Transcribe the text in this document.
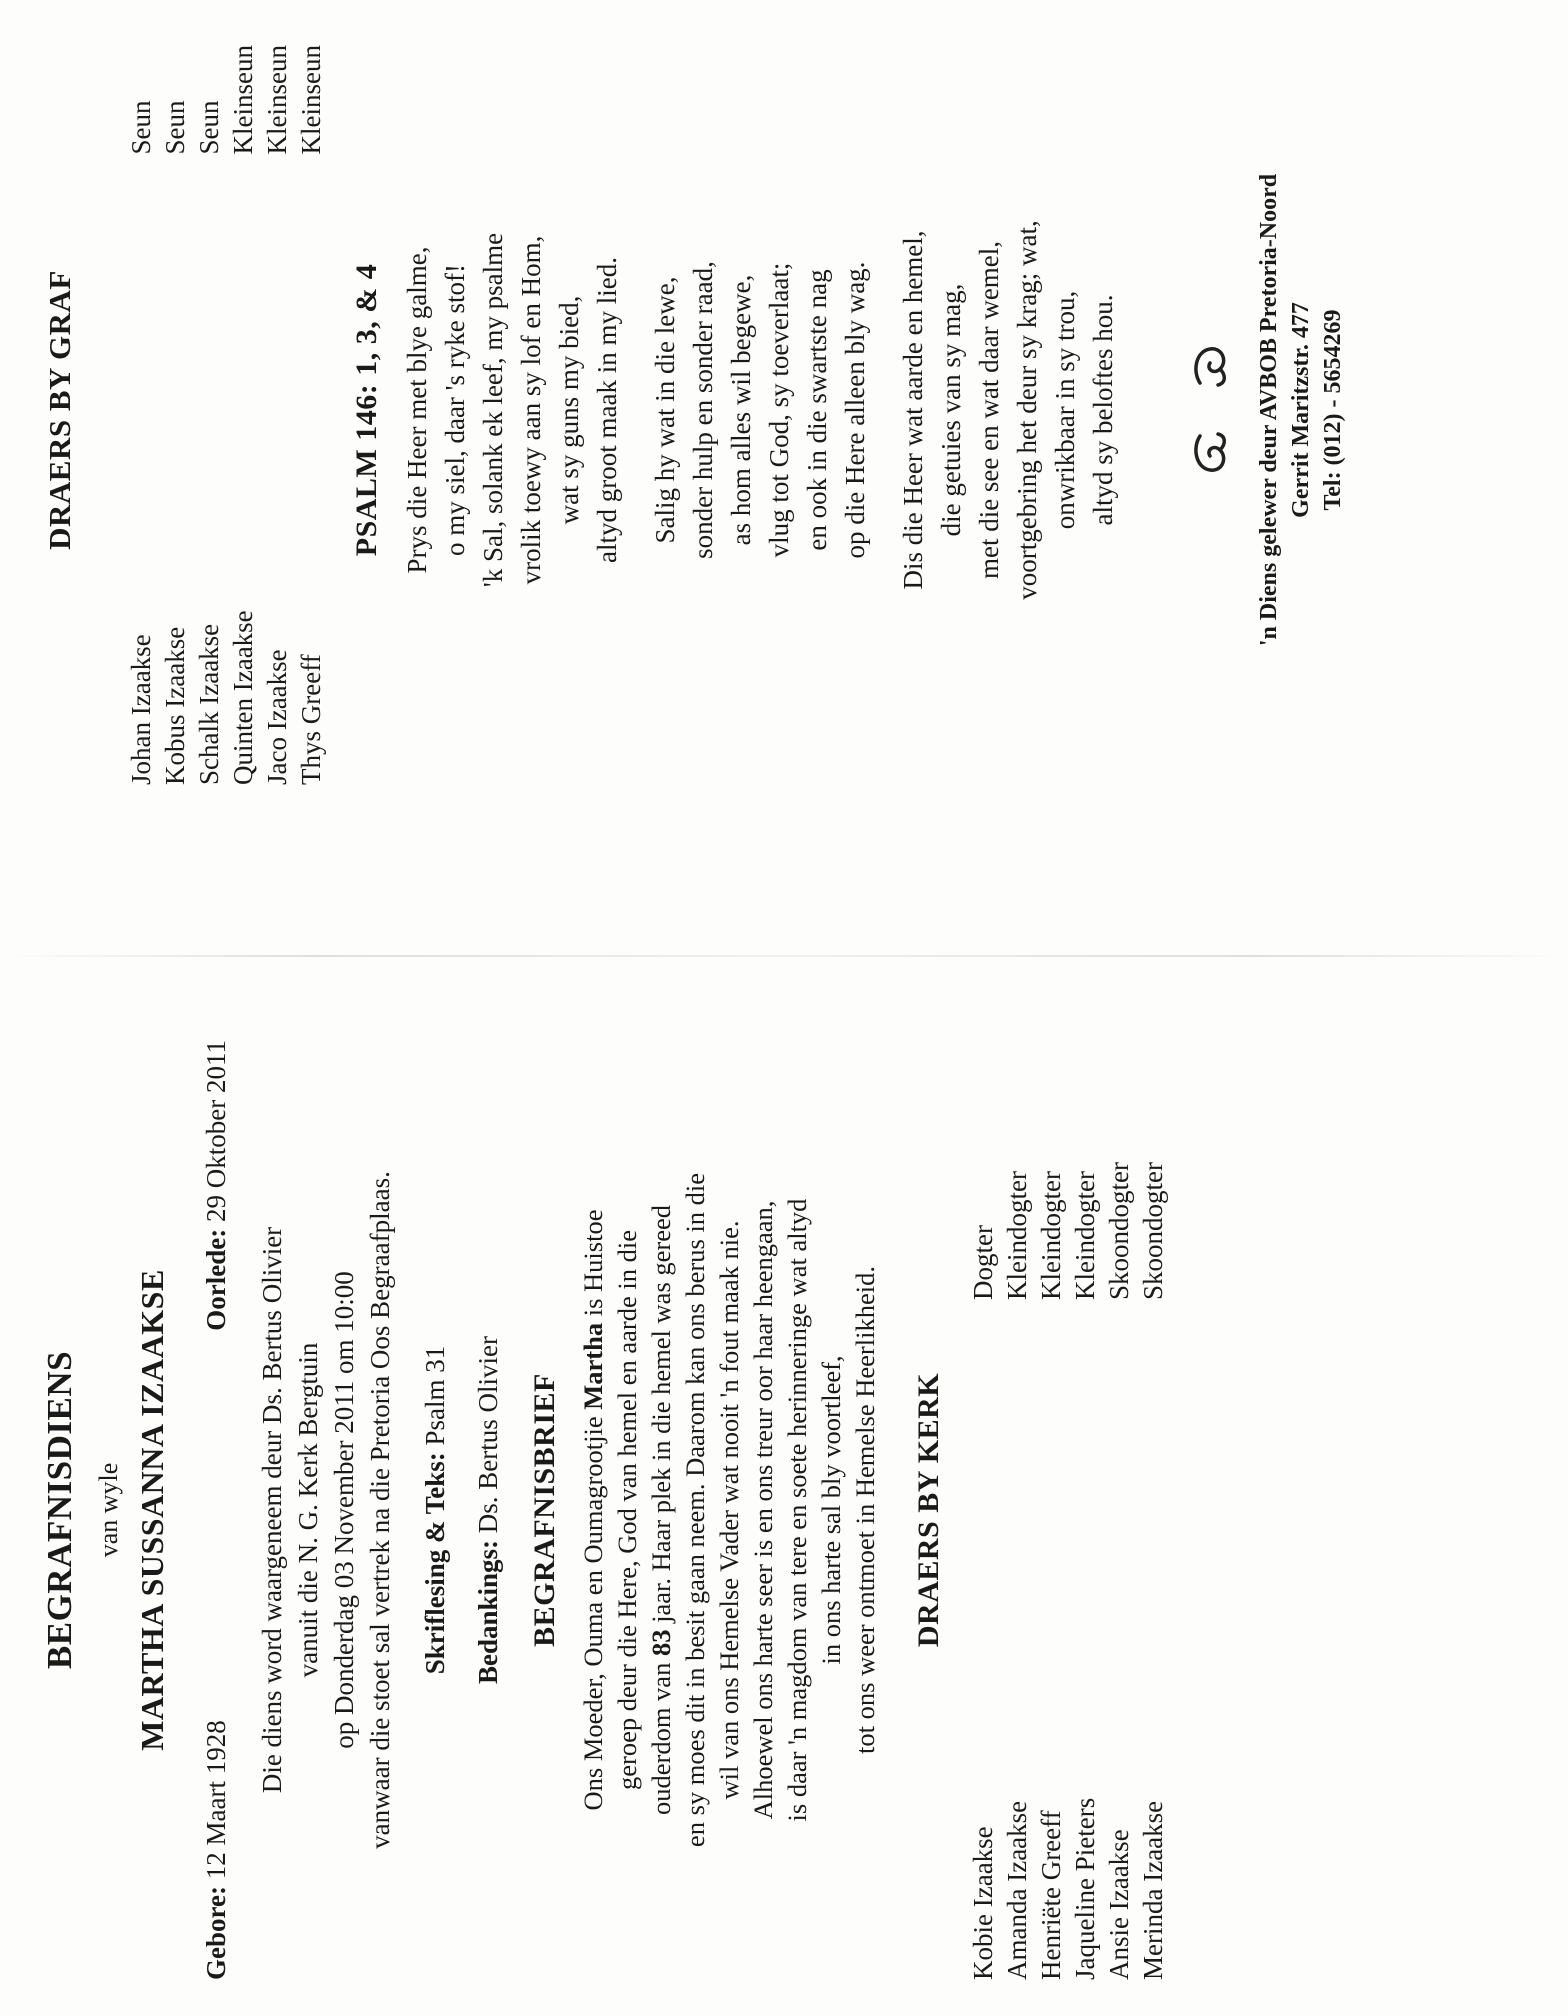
DRAERS BY GRAF
Johan Izaakse Kobus Izaakse Schalk Izaakse Quinten Izaakse Jaco Izaakse Thys Greeff
Seun Seun Seun Kleinseun Kleinseun Kleinseun
PSALM 146: 1, 3, & 4 Prys die Heer met blye galme, o my siel, daar 's ryke stof! 'k Sal, solank ek leef, my psalme vrolik toewy aan sy lof en Hom, wat sy guns my bied, altyd groot maak in my lied. Salig hy wat in die lewe, sonder hulp en sonder raad, as hom alles wil begewe, vlug tot God, sy toeverlaat; en ook in die swartste nag op die Here alleen bly wag. Dis die Heer wat aarde en hemel, die getuies van sy mag, met die see en wat daar wemel, voortgebring het deur sy krag; wat, onwrikbaar in sy trou, altyd sy beloftes hou.
	'n Diens gelewer deur AVBOB Pretoria-Noord Gerrit Maritzstr. 477 Tel: (012) - 5654269
BEGRAFNISDIENS van wyle MARTHA SUSSANNA IZAAKSE
Gebore: 12 Maart 1928
Oorlede: 29 Oktober 2011
Die diens word waargeneem deur Ds. Bertus Olivier vanuit die N. G. Kerk Bergtuin op Donderdag 03 November 2011 om 10:00 vanwaar die stoet sal vertrek na die Pretoria Oos Begraafplaas. Skriflesing & Teks: Psalm 31
Bedankings: Ds. Bertus Olivier BEGRAFNISBRIEF Ons Moeder, Ouma en Oumagrootjie Martha is Huistoe geroep deur die Here, God van hemel en aarde in die ouderdom van 83 jaar. Haar plek in die hemel was gereed en sy moes dit in besit gaan neem. Daarom kan ons berus in die wil van ons Hemelse Vader wat nooit 'n fout maak nie. Alhoewel ons harte seer is en ons treur oor haar heengaan, is daar 'n magdom van tere en soete herinneringe wat altyd in ons harte sal bly voortleef, tot ons weer ontmoet in Hemelse Heerlikheid. DRAERS BY KERK
Kobie Izaakse Amanda Izaakse Henriëte Greeff Jaqueline Pieters Ansie Izaakse Merinda Izaakse
Dogter Kleindogter Kleindogter Kleindogter Skoondogter Skoondogter
